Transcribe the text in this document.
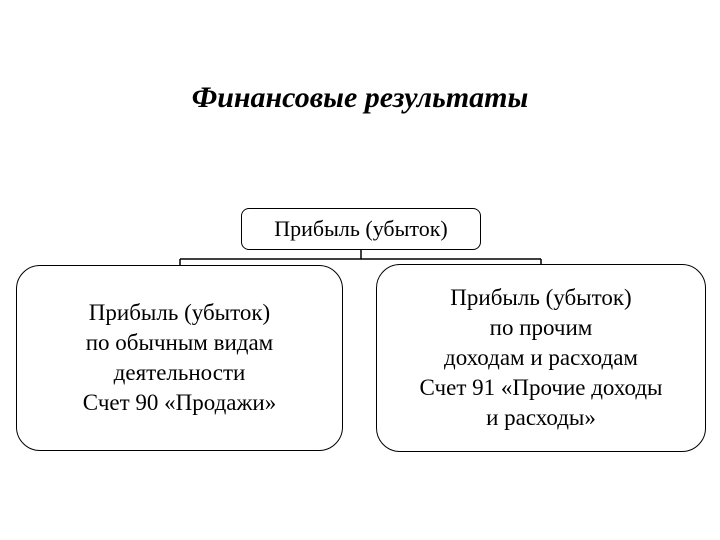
Финансовые результаты
Прибыль (убыток)
Прибыль (убыток)
по обычным видам
деятельности
Счет 90 «Продажи»
Прибыль (убыток)
по прочим
доходам и расходам
Счет 91 «Прочие доходы
и расходы»
